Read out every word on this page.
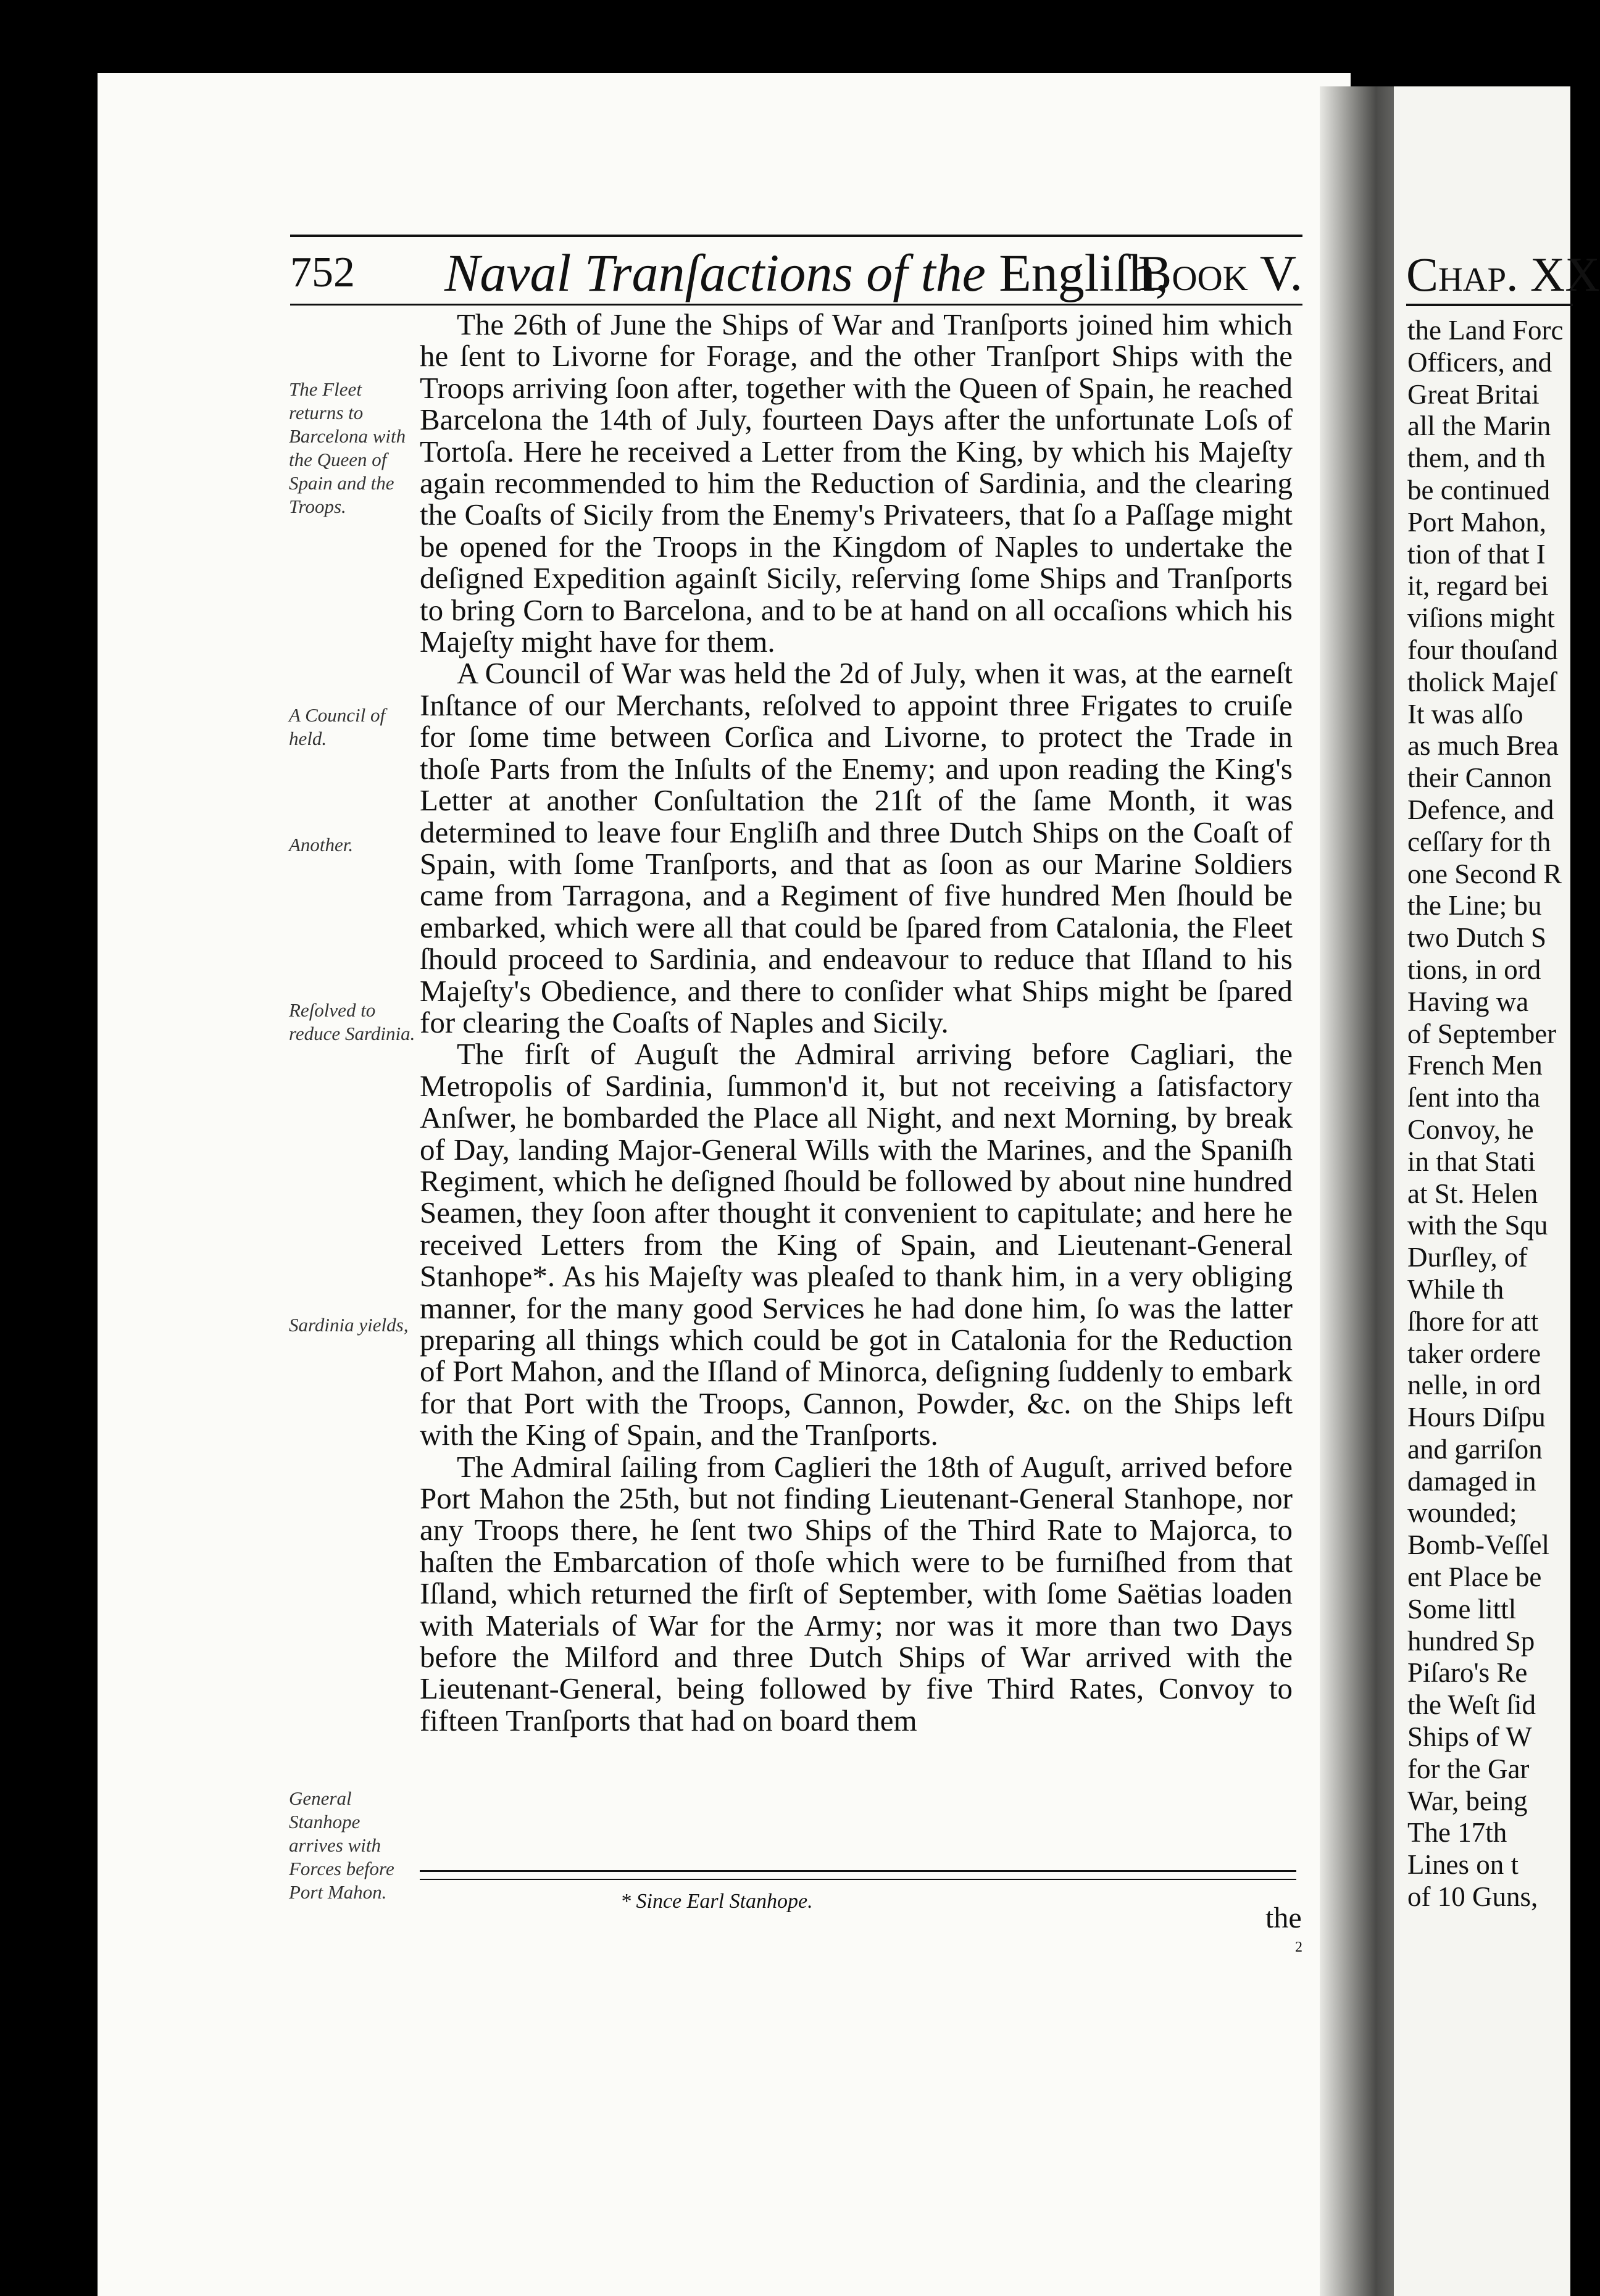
Chap. XX
the Land Forc
Officers, and
Great Britai
all the Marin
them, and th
be continued
Port Mahon,
tion of that I
it, regard bei
viſions might
four thouſand
tholick Majeſ
It was alſo
as much Brea
their Cannon
Defence, and
ceſſary for th
one Second R
the Line; bu
two Dutch S
tions, in ord
Having wa
of September
French Men
ſent into tha
Convoy, he
in that Stati
at St. Helen
with the Squ
Durſley, of
While th
ſhore for att
taker ordere
nelle, in ord
Hours Diſpu
and garriſon
damaged in
wounded;
Bomb-Veſſel
ent Place be
Some littl
hundred Sp
Piſaro's Re
the Weſt ſid
Ships of W
for the Gar
War, being
The 17th
Lines on t
of 10 Guns,
752 Naval Tranſactions of the Engliſh,
Book V.

The 26th of June the Ships of War and Tranſports joined him which he ſent to Livorne for Forage, and the other Tranſport Ships with the Troops arriving ſoon after, together with the Queen of Spain, he reached Barcelona the 14th of July, fourteen Days after the unfortunate Loſs of Tortoſa. Here he received a Letter from the King, by which his Majeſty again recommended to him the Reduction of Sardinia, and the clearing the Coaſts of Sicily from the Enemy's Privateers, that ſo a Paſſage might be opened for the Troops in the Kingdom of Naples to undertake the deſigned Expedition againſt Sicily, reſerving ſome Ships and Tranſports to bring Corn to Barcelona, and to be at hand on all occaſions which his Majeſty might have for them.

A Council of War was held the 2d of July, when it was, at the earneſt Inſtance of our Merchants, reſolved to appoint three Frigates to cruiſe for ſome time between Corſica and Livorne, to protect the Trade in thoſe Parts from the Inſults of the Enemy; and upon reading the King's Letter at another Conſultation the 21ſt of the ſame Month, it was determined to leave four Engliſh and three Dutch Ships on the Coaſt of Spain, with ſome Tranſports, and that as ſoon as our Marine Soldiers came from Tarragona, and a Regiment of five hundred Men ſhould be embarked, which were all that could be ſpared from Catalonia, the Fleet ſhould proceed to Sardinia, and endeavour to reduce that Iſland to his Majeſty's Obedience, and there to conſider what Ships might be ſpared for clearing the Coaſts of Naples and Sicily.

The firſt of Auguſt the Admiral arriving before Cagliari, the Metropolis of Sardinia, ſummon'd it, but not receiving a ſatisfactory Anſwer, he bombarded the Place all Night, and next Morning, by break of Day, landing Major-General Wills with the Marines, and the Spaniſh Regiment, which he deſigned ſhould be followed by about nine hundred Seamen, they ſoon after thought it convenient to capitulate; and here he received Letters from the King of Spain, and Lieutenant-General Stanhope*. As his Majeſty was pleaſed to thank him, in a very obliging manner, for the many good Services he had done him, ſo was the latter preparing all things which could be got in Catalonia for the Reduction of Port Mahon, and the Iſland of Minorca, deſigning ſuddenly to embark for that Port with the Troops, Cannon, Powder, &c. on the Ships left with the King of Spain, and the Tranſports.

The Admiral ſailing from Caglieri the 18th of Auguſt, arrived before Port Mahon the 25th, but not finding Lieutenant-General Stanhope, nor any Troops there, he ſent two Ships of the Third Rate to Majorca, to haſten the Embarcation of thoſe which were to be furniſhed from that Iſland, which returned the firſt of September, with ſome Saëtias loaden with Materials of War for the Army; nor was it more than two Days before the Milford and three Dutch Ships of War arrived with the Lieutenant-General, being followed by five Third Rates, Convoy to fifteen Tranſports that had on board them

The Fleet returns to Barcelona with the Queen of Spain and the Troops.
A Council of held.
Another.
Reſolved to reduce Sardinia.
Sardinia yields,
General Stanhope arrives with Forces before Port Mahon.	* Since Earl Stanhope.
the
2
